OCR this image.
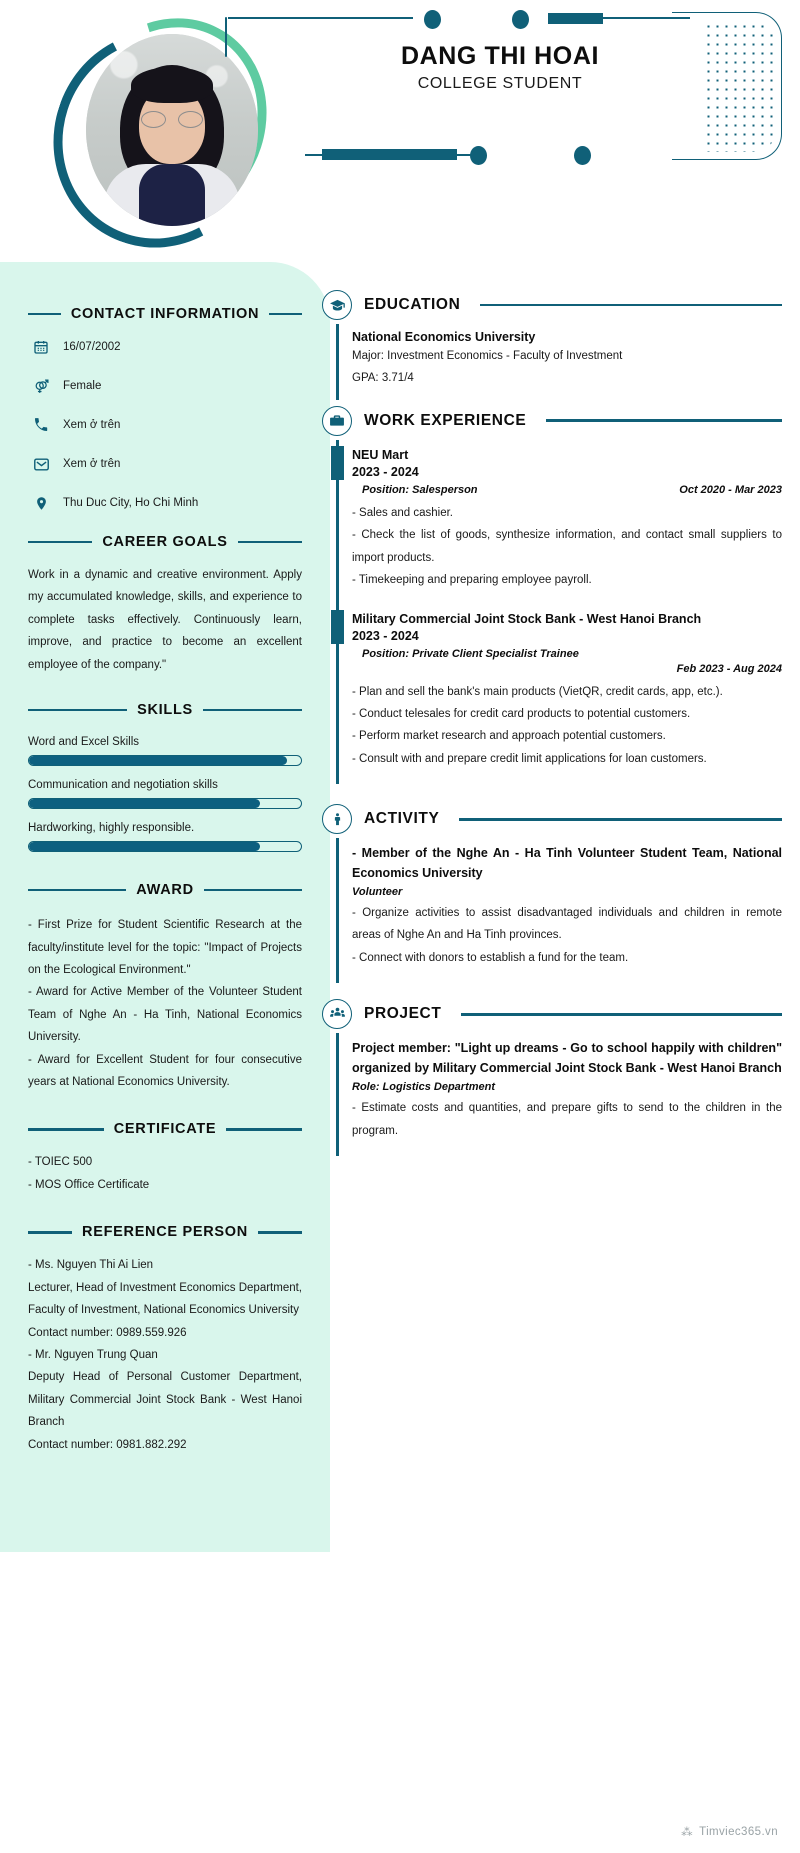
DANG THI HOAI
COLLEGE STUDENT
CONTACT INFORMATION
16/07/2002
Female
Xem ở trên
Xem ở trên
Thu Duc City, Ho Chi Minh
CAREER GOALS
Work in a dynamic and creative environment. Apply my accumulated knowledge, skills, and experience to complete tasks effectively. Continuously learn, improve, and practice to become an excellent employee of the company."
SKILLS
Word and Excel Skills
Communication and negotiation skills
Hardworking, highly responsible.
AWARD

- First Prize for Student Scientific Research at the faculty/institute level for the topic: "Impact of Projects on the Ecological Environment."

- Award for Active Member of the Volunteer Student Team of Nghe An - Ha Tinh, National Economics University.

- Award for Excellent Student for four consecutive years at National Economics University.

CERTIFICATE
- TOIEC 500
- MOS Office Certificate
REFERENCE PERSON

- Ms. Nguyen Thi Ai Lien

Lecturer, Head of Investment Economics Department, Faculty of Investment, National Economics University

Contact number: 0989.559.926

- Mr. Nguyen Trung Quan

Deputy Head of Personal Customer Department, Military Commercial Joint Stock Bank - West Hanoi Branch

Contact number: 0981.882.292

EDUCATION
National Economics University
Major: Investment Economics - Faculty of Investment
GPA: 3.71/4
WORK EXPERIENCE
NEU Mart
2023 - 2024
Position: Salesperson	Oct 2020 - Mar 2023
- Sales and cashier.
- Check the list of goods, synthesize information, and contact small suppliers to import products.
- Timekeeping and preparing employee payroll.
Military Commercial Joint Stock Bank - West Hanoi Branch
2023 - 2024
Position: Private Client Specialist Trainee
Feb 2023 - Aug 2024
- Plan and sell the bank's main products (VietQR, credit cards, app, etc.).
- Conduct telesales for credit card products to potential customers.
- Perform market research and approach potential customers.
- Consult with and prepare credit limit applications for loan customers.
ACTIVITY
- Member of the Nghe An - Ha Tinh Volunteer Student Team, National Economics University
Volunteer
- Organize activities to assist disadvantaged individuals and children in remote areas of Nghe An and Ha Tinh provinces.
- Connect with donors to establish a fund for the team.
PROJECT
Project member: "Light up dreams - Go to school happily with children" organized by Military Commercial Joint Stock Bank - West Hanoi Branch
Role: Logistics Department
- Estimate costs and quantities, and prepare gifts to send to the children in the program.
⁂ Timviec365.vn
